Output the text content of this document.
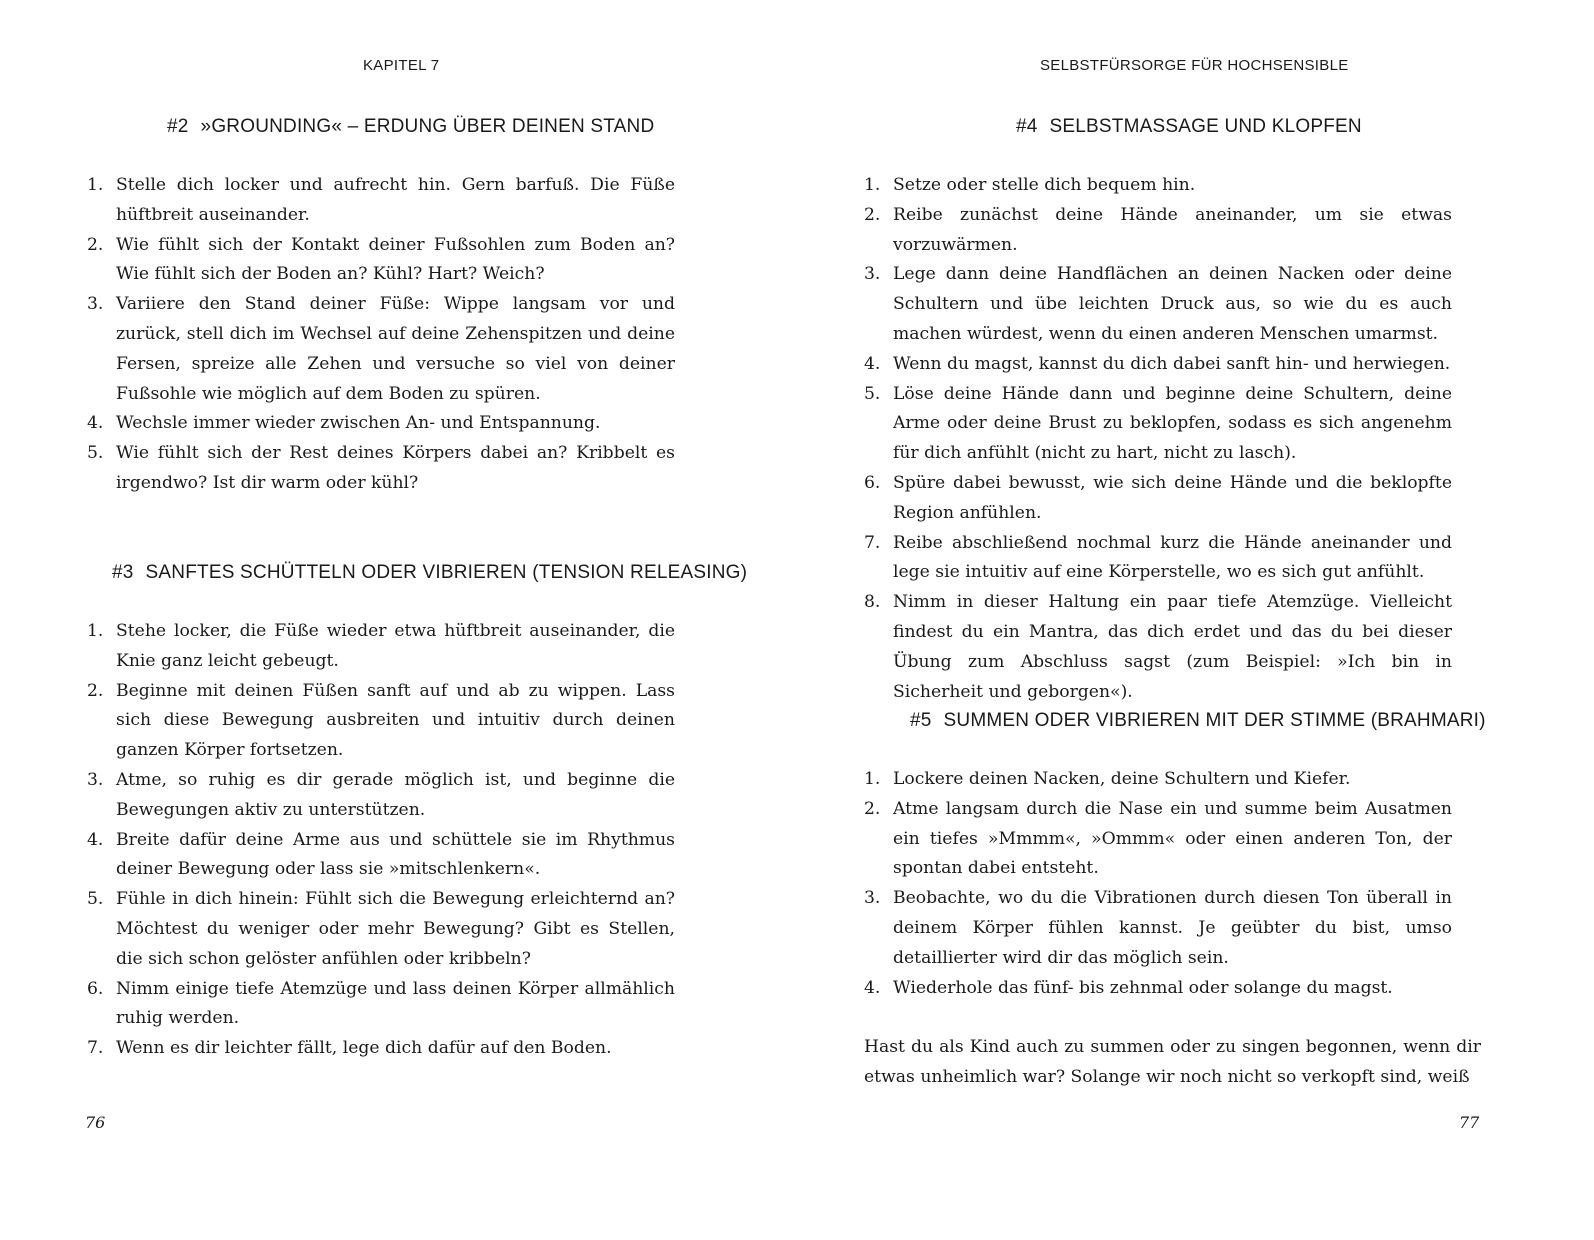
KAPITEL 7
#2 »GROUNDING« – ERDUNG ÜBER DEINEN STAND
1. Stelle dich locker und aufrecht hin. Gern barfuß. Die Füße hüftbreit auseinander.
2. Wie fühlt sich der Kontakt deiner Fußsohlen zum Boden an? Wie fühlt sich der Boden an? Kühl? Hart? Weich?
3. Variiere den Stand deiner Füße: Wippe langsam vor und zurück, stell dich im Wechsel auf deine Zehenspitzen und deine Fersen, spreize alle Zehen und versuche so viel von deiner Fußsohle wie möglich auf dem Boden zu spüren.
4. Wechsle immer wieder zwischen An- und Entspannung.
5. Wie fühlt sich der Rest deines Körpers dabei an? Kribbelt es irgendwo? Ist dir warm oder kühl?
#3 SANFTES SCHÜTTELN ODER VIBRIEREN (TENSION RELEASING)
1. Stehe locker, die Füße wieder etwa hüftbreit auseinander, die Knie ganz leicht gebeugt.
2. Beginne mit deinen Füßen sanft auf und ab zu wippen. Lass sich diese Bewegung ausbreiten und intuitiv durch deinen ganzen Körper fortsetzen.
3. Atme, so ruhig es dir gerade möglich ist, und beginne die Bewegungen aktiv zu unterstützen.
4. Breite dafür deine Arme aus und schüttele sie im Rhythmus deiner Bewegung oder lass sie »mitschlenkern«.
5. Fühle in dich hinein: Fühlt sich die Bewegung erleichternd an? Möchtest du weniger oder mehr Bewegung? Gibt es Stellen, die sich schon gelöster anfühlen oder kribbeln?
6. Nimm einige tiefe Atemzüge und lass deinen Körper allmählich ruhig werden.
7. Wenn es dir leichter fällt, lege dich dafür auf den Boden.
76
SELBSTFÜRSORGE FÜR HOCHSENSIBLE
#4 SELBSTMASSAGE UND KLOPFEN
1. Setze oder stelle dich bequem hin.
2. Reibe zunächst deine Hände aneinander, um sie etwas vorzuwärmen.
3. Lege dann deine Handflächen an deinen Nacken oder deine Schultern und übe leichten Druck aus, so wie du es auch machen würdest, wenn du einen anderen Menschen umarmst.
4. Wenn du magst, kannst du dich dabei sanft hin- und herwiegen.
5. Löse deine Hände dann und beginne deine Schultern, deine Arme oder deine Brust zu beklopfen, sodass es sich angenehm für dich anfühlt (nicht zu hart, nicht zu lasch).
6. Spüre dabei bewusst, wie sich deine Hände und die beklopfte Region anfühlen.
7. Reibe abschließend nochmal kurz die Hände aneinander und lege sie intuitiv auf eine Körperstelle, wo es sich gut anfühlt.
8. Nimm in dieser Haltung ein paar tiefe Atemzüge. Vielleicht findest du ein Mantra, das dich erdet und das du bei dieser Übung zum Abschluss sagst (zum Beispiel: »Ich bin in Sicherheit und geborgen«).
#5 SUMMEN ODER VIBRIEREN MIT DER STIMME (BRAHMARI)
1. Lockere deinen Nacken, deine Schultern und Kiefer.
2. Atme langsam durch die Nase ein und summe beim Ausatmen ein tiefes »Mmmm«, »Ommm« oder einen anderen Ton, der spontan dabei entsteht.
3. Beobachte, wo du die Vibrationen durch diesen Ton überall in deinem Körper fühlen kannst. Je geübter du bist, umso detaillierter wird dir das möglich sein.
4. Wiederhole das fünf- bis zehnmal oder solange du magst.

Hast du als Kind auch zu summen oder zu singen begonnen, wenn dir etwas unheimlich war? Solange wir noch nicht so verkopft sind, weiß

77
